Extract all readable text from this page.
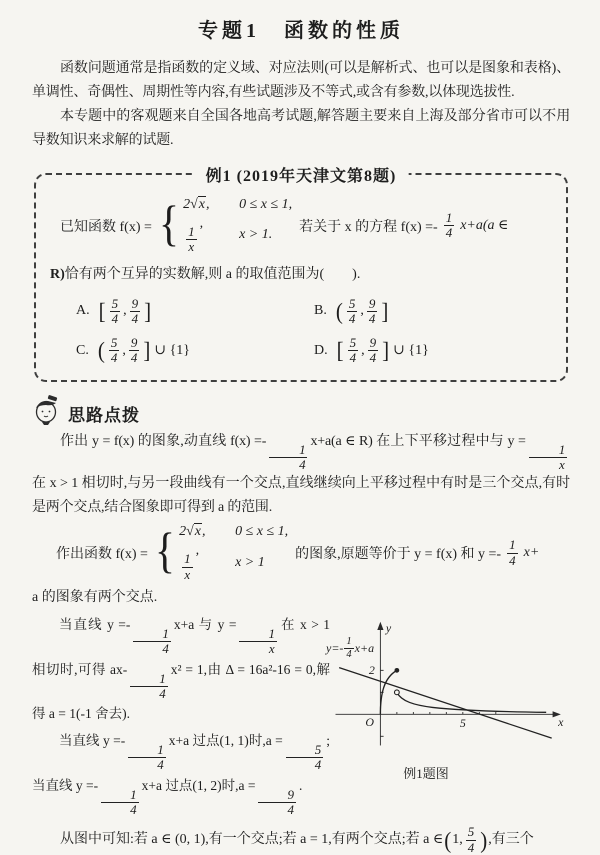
专题1　函数的性质

函数问题通常是指函数的定义域、对应法则(可以是解析式、也可以是图象和表格)、单调性、奇偶性、周期性等内容,有些试题涉及不等式,或含有参数,以体现选拔性.

本专题中的客观题来自全国各地高考试题,解答题主要来自上海及部分省市可以不用导数知识来求解的试题.

例1 (2019年天津文第8题)
已知函数 f(x) = { 2√x,	0 ≤ x ≤ 1,
$\frac{1}{x}$
,
x > 1. 若关于 x 的方程 f(x) =-
1
4 x+a(a ∈
R)恰有两个互异的实数解,则 a 的取值范围为(　　).
A. [ 5
4 ,
9
4 ]	B. ( 5
4 ,
9
4 ]
C. ( 5
4 ,
9
4 ] ∪ {1}	D. [ 5
4 ,
9
4 ] ∪ {1}
思路点拨

作出 y = f(x) 的图象,动直线 f(x) =-
$\frac{1}{4}$
x+a(a ∈ R) 在上下平移过程中与 y =
$\frac{1}{x}$
在 x > 1 相切时,与另一段曲线有一个交点,直线继续向上平移过程中有时是三个交点,有时是两个交点,结合图象即可得到 a 的范围.

作出函数 f(x) = { 2√x,	0 ≤ x ≤ 1,
$\frac{1}{x}$
,
x > 1 的图象,原题等价于 y = f(x) 和 y =-
1
4 x+
a 的图象有两个交点.

当直线 y =-
$\frac{1}{4}$
x+a 与 y =
$\frac{1}{x}$
在 x > 1 相切时,可得 ax-
$\frac{1}{4}$
x² = 1,由 Δ = 16a²-16 = 0,解得 a = 1(-1 舍去).

当直线 y =-
$\frac{1}{4}$
x+a 过点(1, 1)时,a =
$\frac{5}{4}$
; 当直线 y =-
$\frac{1}{4}$
x+a 过点(1, 2)时,a =
$\frac{9}{4}$
.

y=- 1
4 x+a
2
5
O
y
x
例1题图
从图中可知:若 a ∈ (0, 1),有一个交点;若 a = 1,有两个交点;若 a ∈ ( 1,
5
4 ) ,有三个
